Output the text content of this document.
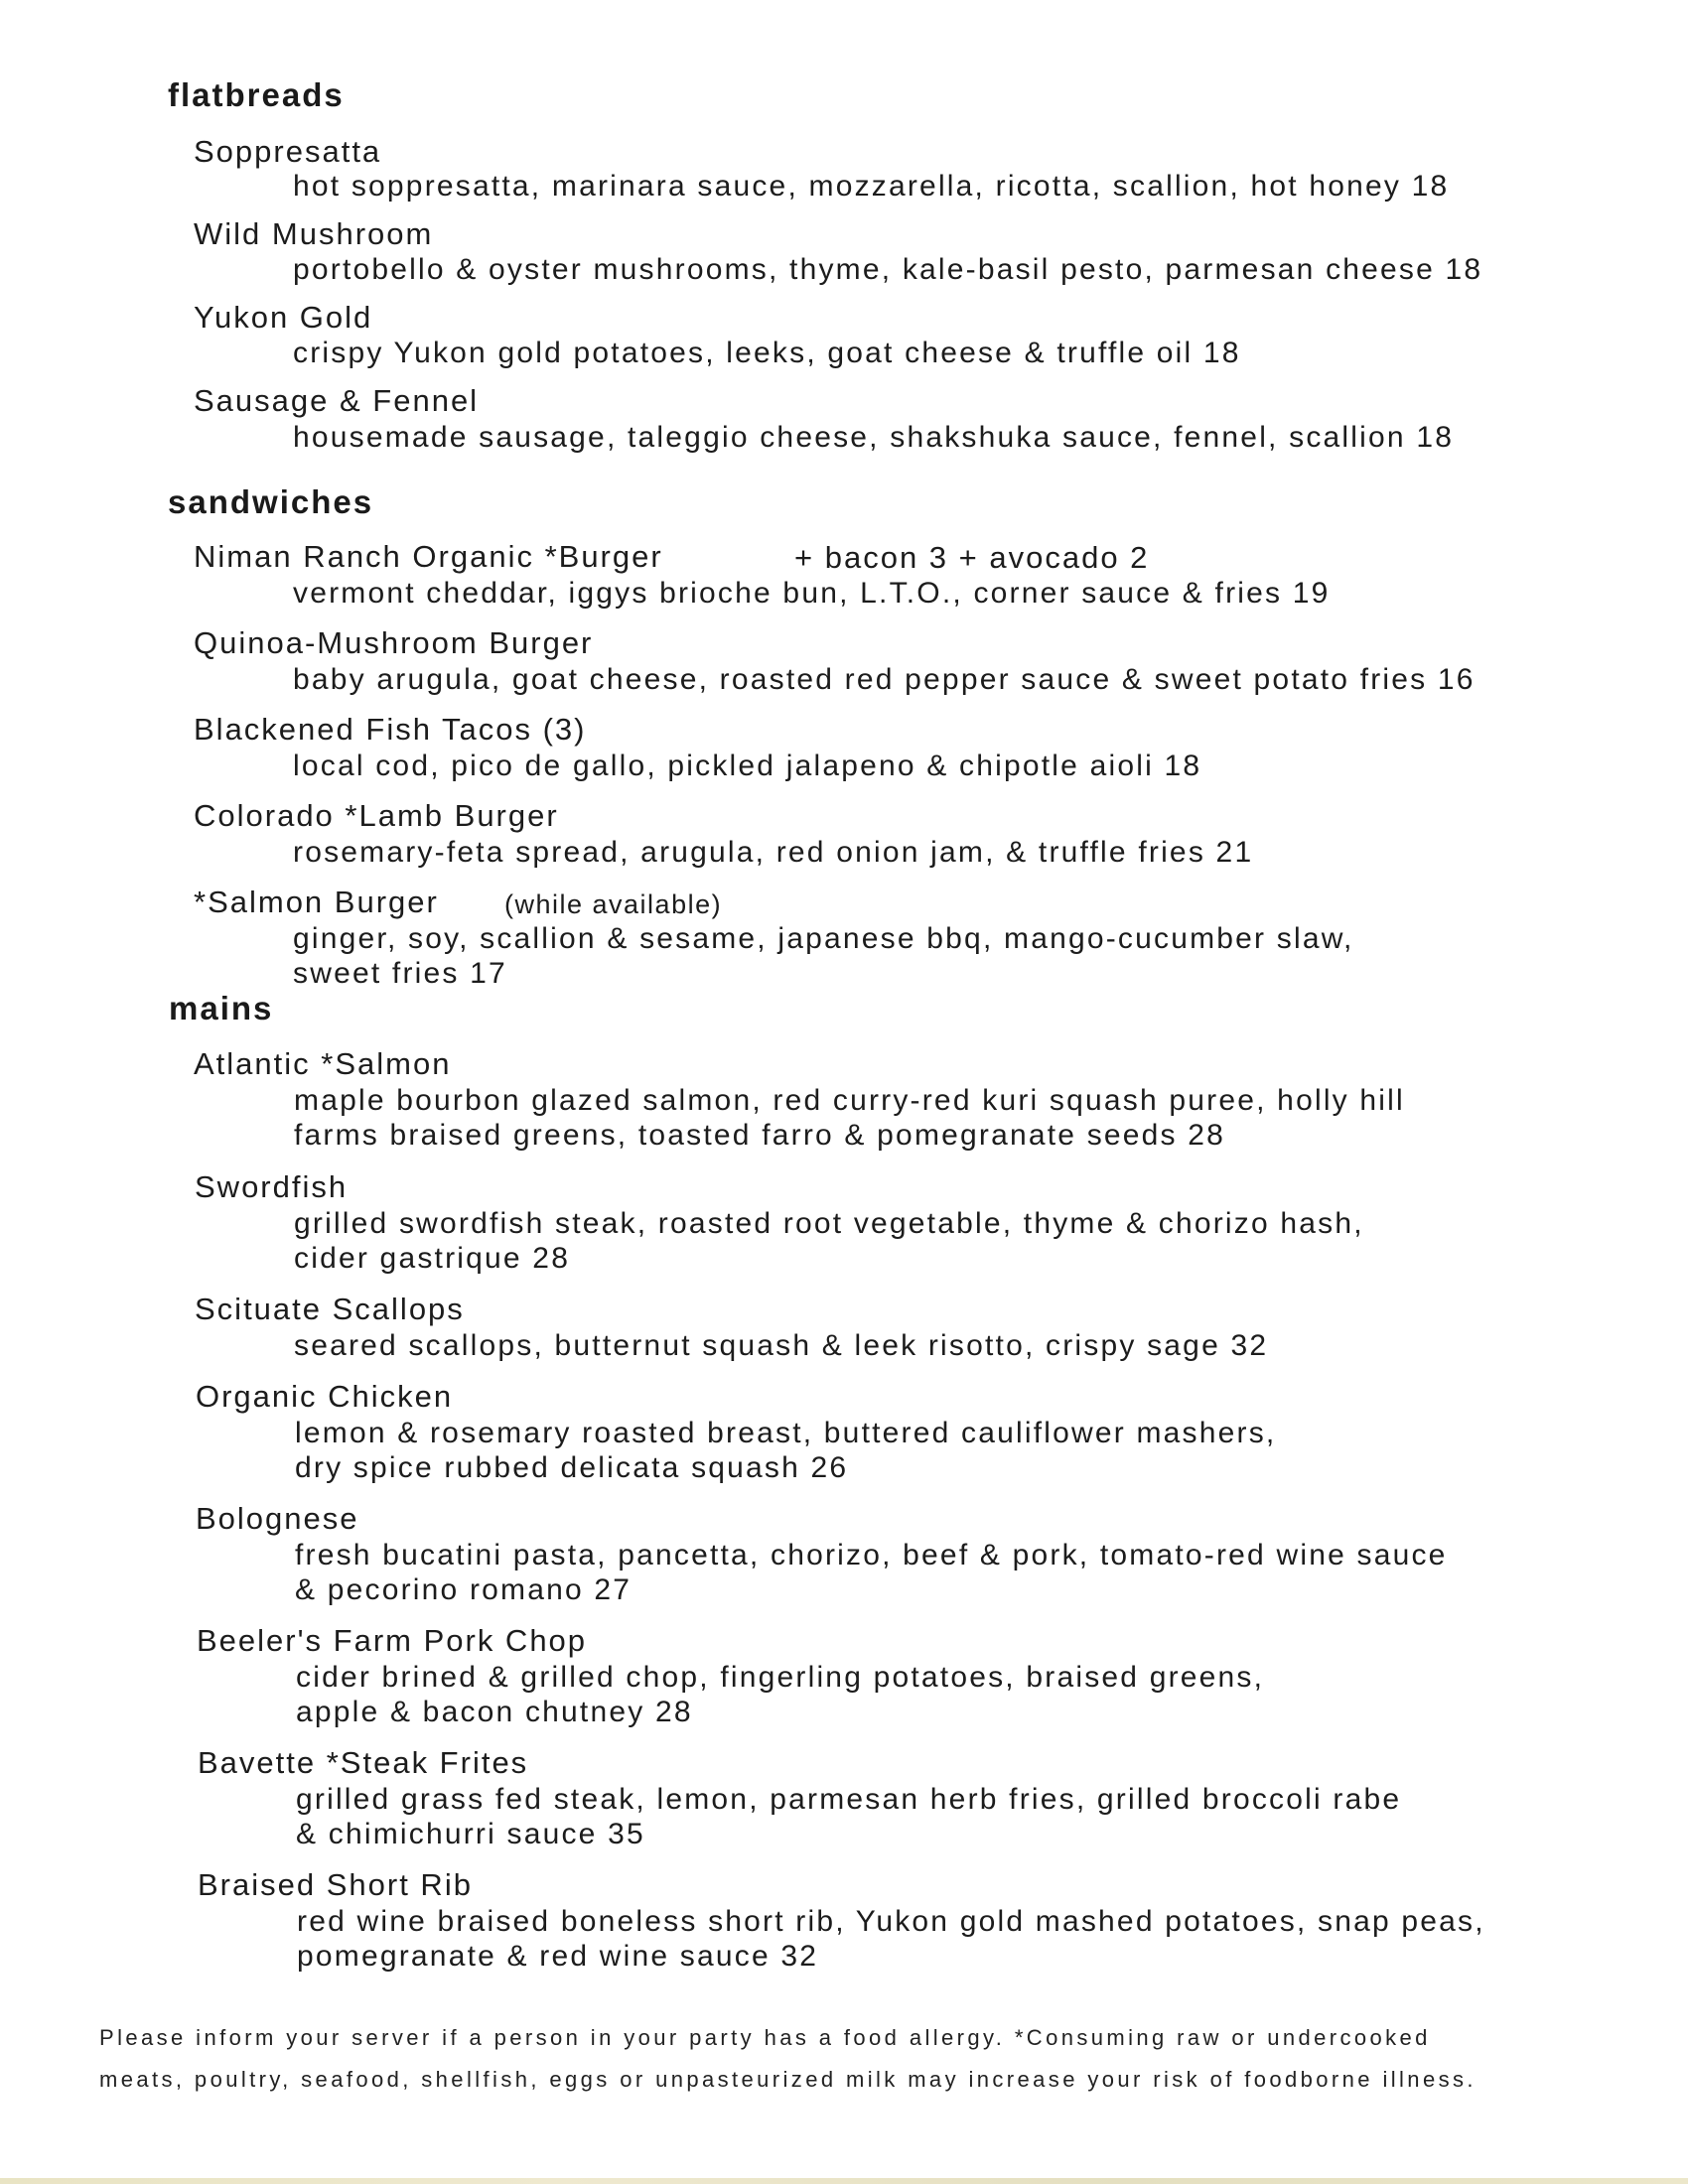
flatbreads
Soppresatta
hot soppresatta, marinara sauce, mozzarella, ricotta, scallion, hot honey 18
Wild Mushroom
portobello & oyster mushrooms, thyme, kale-basil pesto, parmesan cheese 18
Yukon Gold
crispy Yukon gold potatoes, leeks, goat cheese & truffle oil 18
Sausage & Fennel
housemade sausage, taleggio cheese, shakshuka sauce, fennel, scallion 18
sandwiches
Niman Ranch Organic *Burger	+ bacon 3 + avocado 2
vermont cheddar, iggys brioche bun, L.T.O., corner sauce & fries 19
Quinoa-Mushroom Burger
baby arugula, goat cheese, roasted red pepper sauce & sweet potato fries 16
Blackened Fish Tacos (3)
local cod, pico de gallo, pickled jalapeno & chipotle aioli 18
Colorado *Lamb Burger
rosemary-feta spread, arugula, red onion jam, & truffle fries 21
*Salmon Burger (while available)
ginger, soy, scallion & sesame, japanese bbq, mango-cucumber slaw,
sweet fries 17
mains
Atlantic *Salmon
maple bourbon glazed salmon, red curry-red kuri squash puree, holly hill
farms braised greens, toasted farro & pomegranate seeds 28
Swordfish
grilled swordfish steak, roasted root vegetable, thyme & chorizo hash,
cider gastrique 28
Scituate Scallops
seared scallops, butternut squash & leek risotto, crispy sage 32
Organic Chicken
lemon & rosemary roasted breast, buttered cauliflower mashers,
dry spice rubbed delicata squash 26
Bolognese
fresh bucatini pasta, pancetta, chorizo, beef & pork, tomato-red wine sauce
& pecorino romano 27
Beeler's Farm Pork Chop
cider brined & grilled chop, fingerling potatoes, braised greens,
apple & bacon chutney 28
Bavette *Steak Frites
grilled grass fed steak, lemon, parmesan herb fries, grilled broccoli rabe
& chimichurri sauce 35
Braised Short Rib
red wine braised boneless short rib, Yukon gold mashed potatoes, snap peas,
pomegranate & red wine sauce 32
Please inform your server if a person in your party has a food allergy. *Consuming raw or undercooked
meats, poultry, seafood, shellfish, eggs or unpasteurized milk may increase your risk of foodborne illness.
